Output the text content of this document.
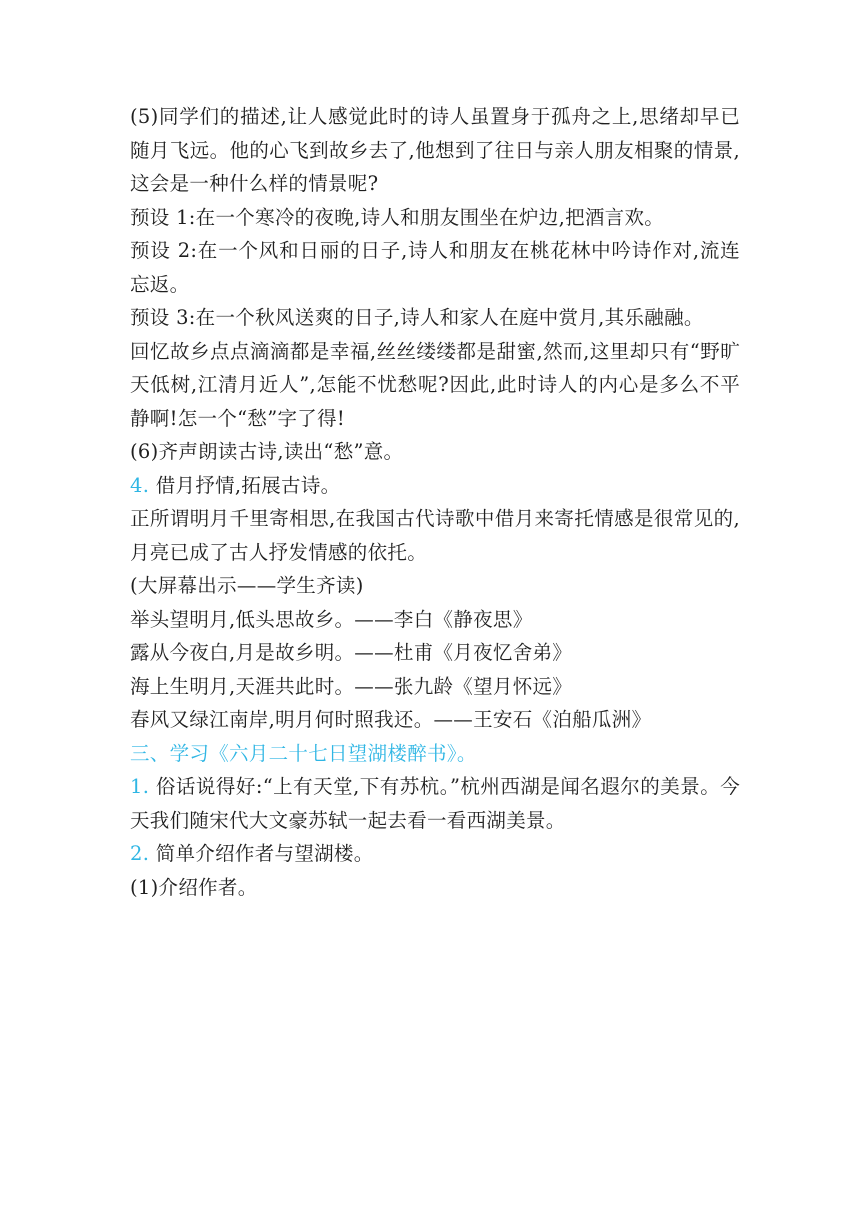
(5)同学们的描述,让人感觉此时的诗人虽置身于孤舟之上,思绪却早已随月飞远。他的心飞到故乡去了,他想到了往日与亲人朋友相聚的情景,这会是一种什么样的情景呢?

预设 1:在一个寒冷的夜晚,诗人和朋友围坐在炉边,把酒言欢。

预设 2:在一个风和日丽的日子,诗人和朋友在桃花林中吟诗作对,流连忘返。

预设 3:在一个秋风送爽的日子,诗人和家人在庭中赏月,其乐融融。

回忆故乡点点滴滴都是幸福,丝丝缕缕都是甜蜜,然而,这里却只有“野旷天低树,江清月近人”,怎能不忧愁呢?因此,此时诗人的内心是多么不平静啊!怎一个“愁”字了得!

(6)齐声朗读古诗,读出“愁”意。

4. 借月抒情,拓展古诗。

正所谓明月千里寄相思,在我国古代诗歌中借月来寄托情感是很常见的,月亮已成了古人抒发情感的依托。

(大屏幕出示——学生齐读)

举头望明月,低头思故乡。——李白《静夜思》

露从今夜白,月是故乡明。——杜甫《月夜忆舍弟》

海上生明月,天涯共此时。——张九龄《望月怀远》

春风又绿江南岸,明月何时照我还。——王安石《泊船瓜洲》

三、学习《六月二十七日望湖楼醉书》。

1. 俗话说得好:“上有天堂,下有苏杭。”杭州西湖是闻名遐尔的美景。今天我们随宋代大文豪苏轼一起去看一看西湖美景。

2. 简单介绍作者与望湖楼。

(1)介绍作者。
